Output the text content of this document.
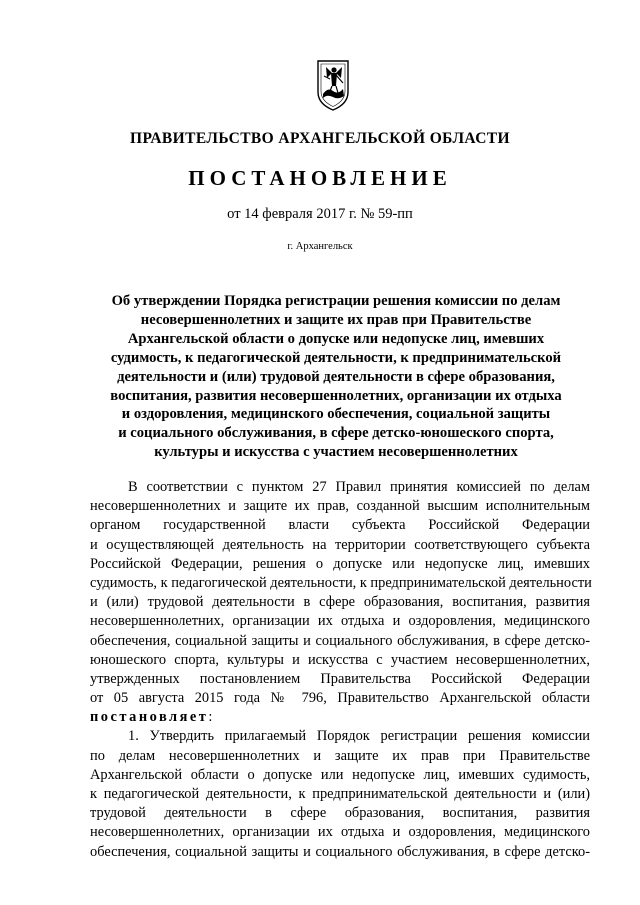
ПРАВИТЕЛЬСТВО АРХАНГЕЛЬСКОЙ ОБЛАСТИ
ПОСТАНОВЛЕНИЕ
от 14 февраля 2017 г. № 59-пп
г. Архангельск
Об утверждении Порядка регистрации решения комиссии по делам
несовершеннолетних и защите их прав при Правительстве
Архангельской области о допуске или недопуске лиц, имевших
судимость, к педагогической деятельности, к предпринимательской
деятельности и (или) трудовой деятельности в сфере образования,
воспитания, развития несовершеннолетних, организации их отдыха
и оздоровления, медицинского обеспечения, социальной защиты
и социального обслуживания, в сфере детско-юношеского спорта,
культуры и искусства с участием несовершеннолетних
В соответствии с пунктом 27 Правил принятия комиссией по делам
несовершеннолетних и защите их прав, созданной высшим исполнительным
органом государственной власти субъекта Российской Федерации
и осуществляющей деятельность на территории соответствующего субъекта
Российской Федерации, решения о допуске или недопуске лиц, имевших
судимость, к педагогической деятельности, к предпринимательской деятельности
и (или) трудовой деятельности в сфере образования, воспитания, развития
несовершеннолетних, организации их отдыха и оздоровления, медицинского
обеспечения, социальной защиты и социального обслуживания, в сфере детско-
юношеского спорта, культуры и искусства с участием несовершеннолетних,
утвержденных постановлением Правительства Российской Федерации
от 05 августа 2015 года № 796, Правительство Архангельской области
постановляет:
1. Утвердить прилагаемый Порядок регистрации решения комиссии
по делам несовершеннолетних и защите их прав при Правительстве
Архангельской области о допуске или недопуске лиц, имевших судимость,
к педагогической деятельности, к предпринимательской деятельности и (или)
трудовой деятельности в сфере образования, воспитания, развития
несовершеннолетних, организации их отдыха и оздоровления, медицинского
обеспечения, социальной защиты и социального обслуживания, в сфере детско-
